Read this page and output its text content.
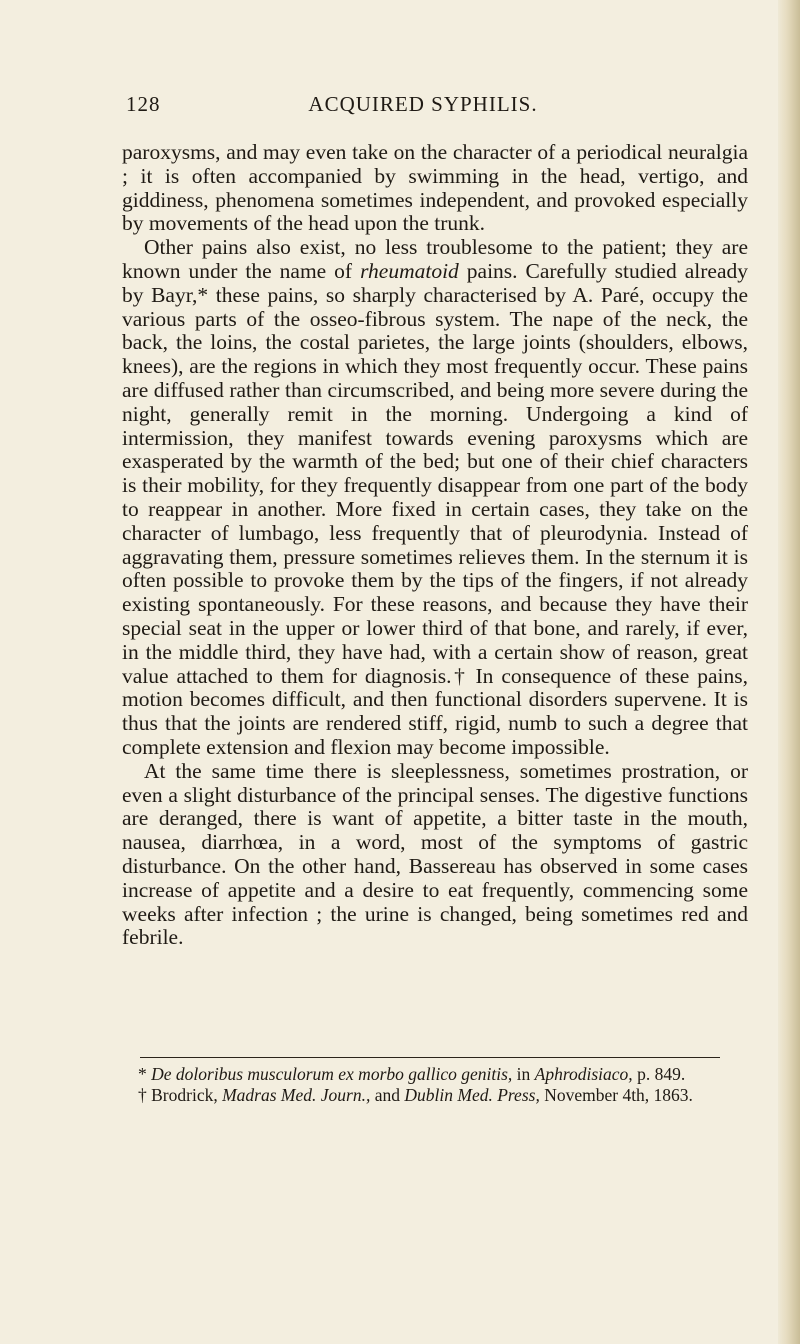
128	ACQUIRED SYPHILIS.

paroxysms, and may even take on the character of a periodical neuralgia ; it is often accompanied by swimming in the head, vertigo, and giddiness, phenomena sometimes independent, and provoked especially by movements of the head upon the trunk.

Other pains also exist, no less troublesome to the patient; they are known under the name of rheumatoid pains. Carefully studied already by Bayr,* these pains, so sharply characterised by A. Paré, occupy the various parts of the osseo-fibrous system. The nape of the neck, the back, the loins, the costal parietes, the large joints (shoulders, elbows, knees), are the regions in which they most frequently occur. These pains are diffused rather than circumscribed, and being more severe during the night, generally remit in the morning. Undergoing a kind of intermission, they manifest towards evening paroxysms which are exasperated by the warmth of the bed; but one of their chief characters is their mobility, for they frequently disappear from one part of the body to reappear in another. More fixed in certain cases, they take on the character of lumbago, less frequently that of pleurodynia. Instead of aggravating them, pressure sometimes relieves them. In the sternum it is often possible to provoke them by the tips of the fingers, if not already existing spontaneously. For these reasons, and because they have their special seat in the upper or lower third of that bone, and rarely, if ever, in the middle third, they have had, with a certain show of reason, great value attached to them for diagnosis.† In consequence of these pains, motion becomes difficult, and then functional disorders supervene. It is thus that the joints are rendered stiff, rigid, numb to such a degree that complete extension and flexion may become impossible.

At the same time there is sleeplessness, sometimes prostration, or even a slight disturbance of the principal senses. The digestive functions are deranged, there is want of appetite, a bitter taste in the mouth, nausea, diarrhœa, in a word, most of the symptoms of gastric disturbance. On the other hand, Bassereau has observed in some cases increase of appetite and a desire to eat frequently, commencing some weeks after infection ; the urine is changed, being sometimes red and febrile.

* De doloribus musculorum ex morbo gallico genitis, in Aphrodisiaco, p. 849.

† Brodrick, Madras Med. Journ., and Dublin Med. Press, November 4th, 1863.
